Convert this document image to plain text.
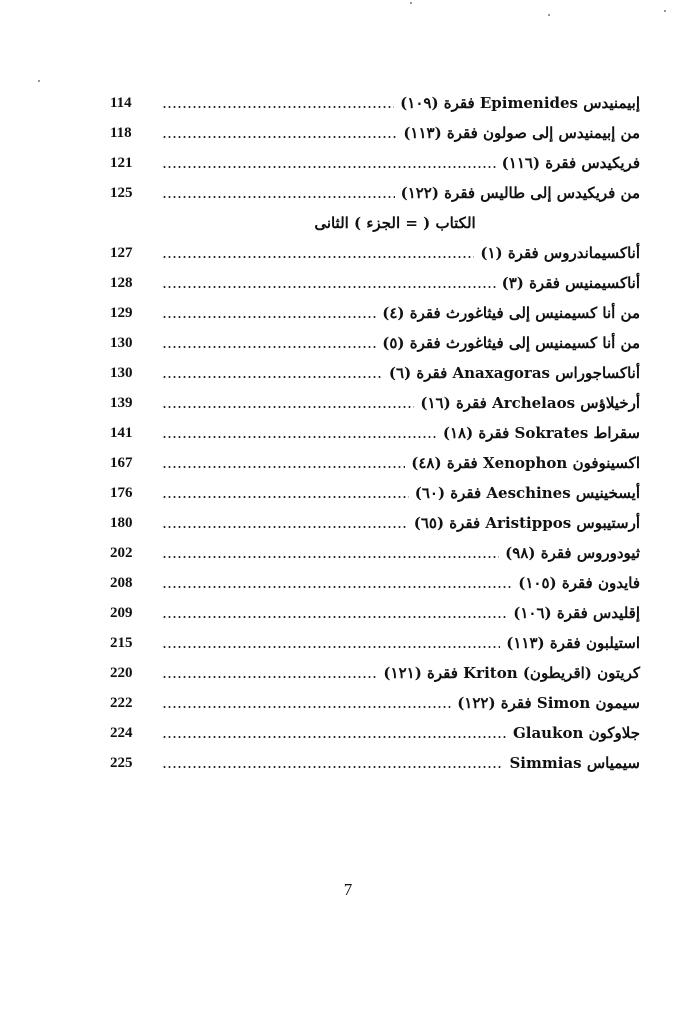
إبيمنيدس Epimenides فقرة (١٠٩)
114
من إبيمنيدس إلى صولون فقرة (١١٣)
118
فريكيدس فقرة (١١٦)
121
من فريكيدس إلى طاليس فقرة (١٢٢)
125
الكتاب ( = الجزء ) الثانى
أناكسيماندروس فقرة (١)
127
أناكسيمنيس فقرة (٣)
128
من أنا كسيمنيس إلى فيثاغورث فقرة (٤)
129
من أنا كسيمنيس إلى فيثاغورث فقرة (٥)
130
أناكساجوراس Anaxagoras فقرة (٦)
130
أرخيلاؤس Archelaos فقرة (١٦)
139
سقراط Sokrates فقرة (١٨)
141
اكسينوفون Xenophon فقرة (٤٨)
167
أيسخينيس Aeschines فقرة (٦٠)
176
أرستيبوس Aristippos فقرة (٦٥)
180
ثيودوروس فقرة (٩٨)
202
فايدون فقرة (١٠٥)
208
إقليدس فقرة (١٠٦)
209
استيلبون فقرة (١١٣)
215
كريتون (اقريطون) Kriton فقرة (١٢١)
220
سيمون Simon فقرة (١٢٢)
222
جلاوكون Glaukon
224
سيمياس Simmias
225
7
